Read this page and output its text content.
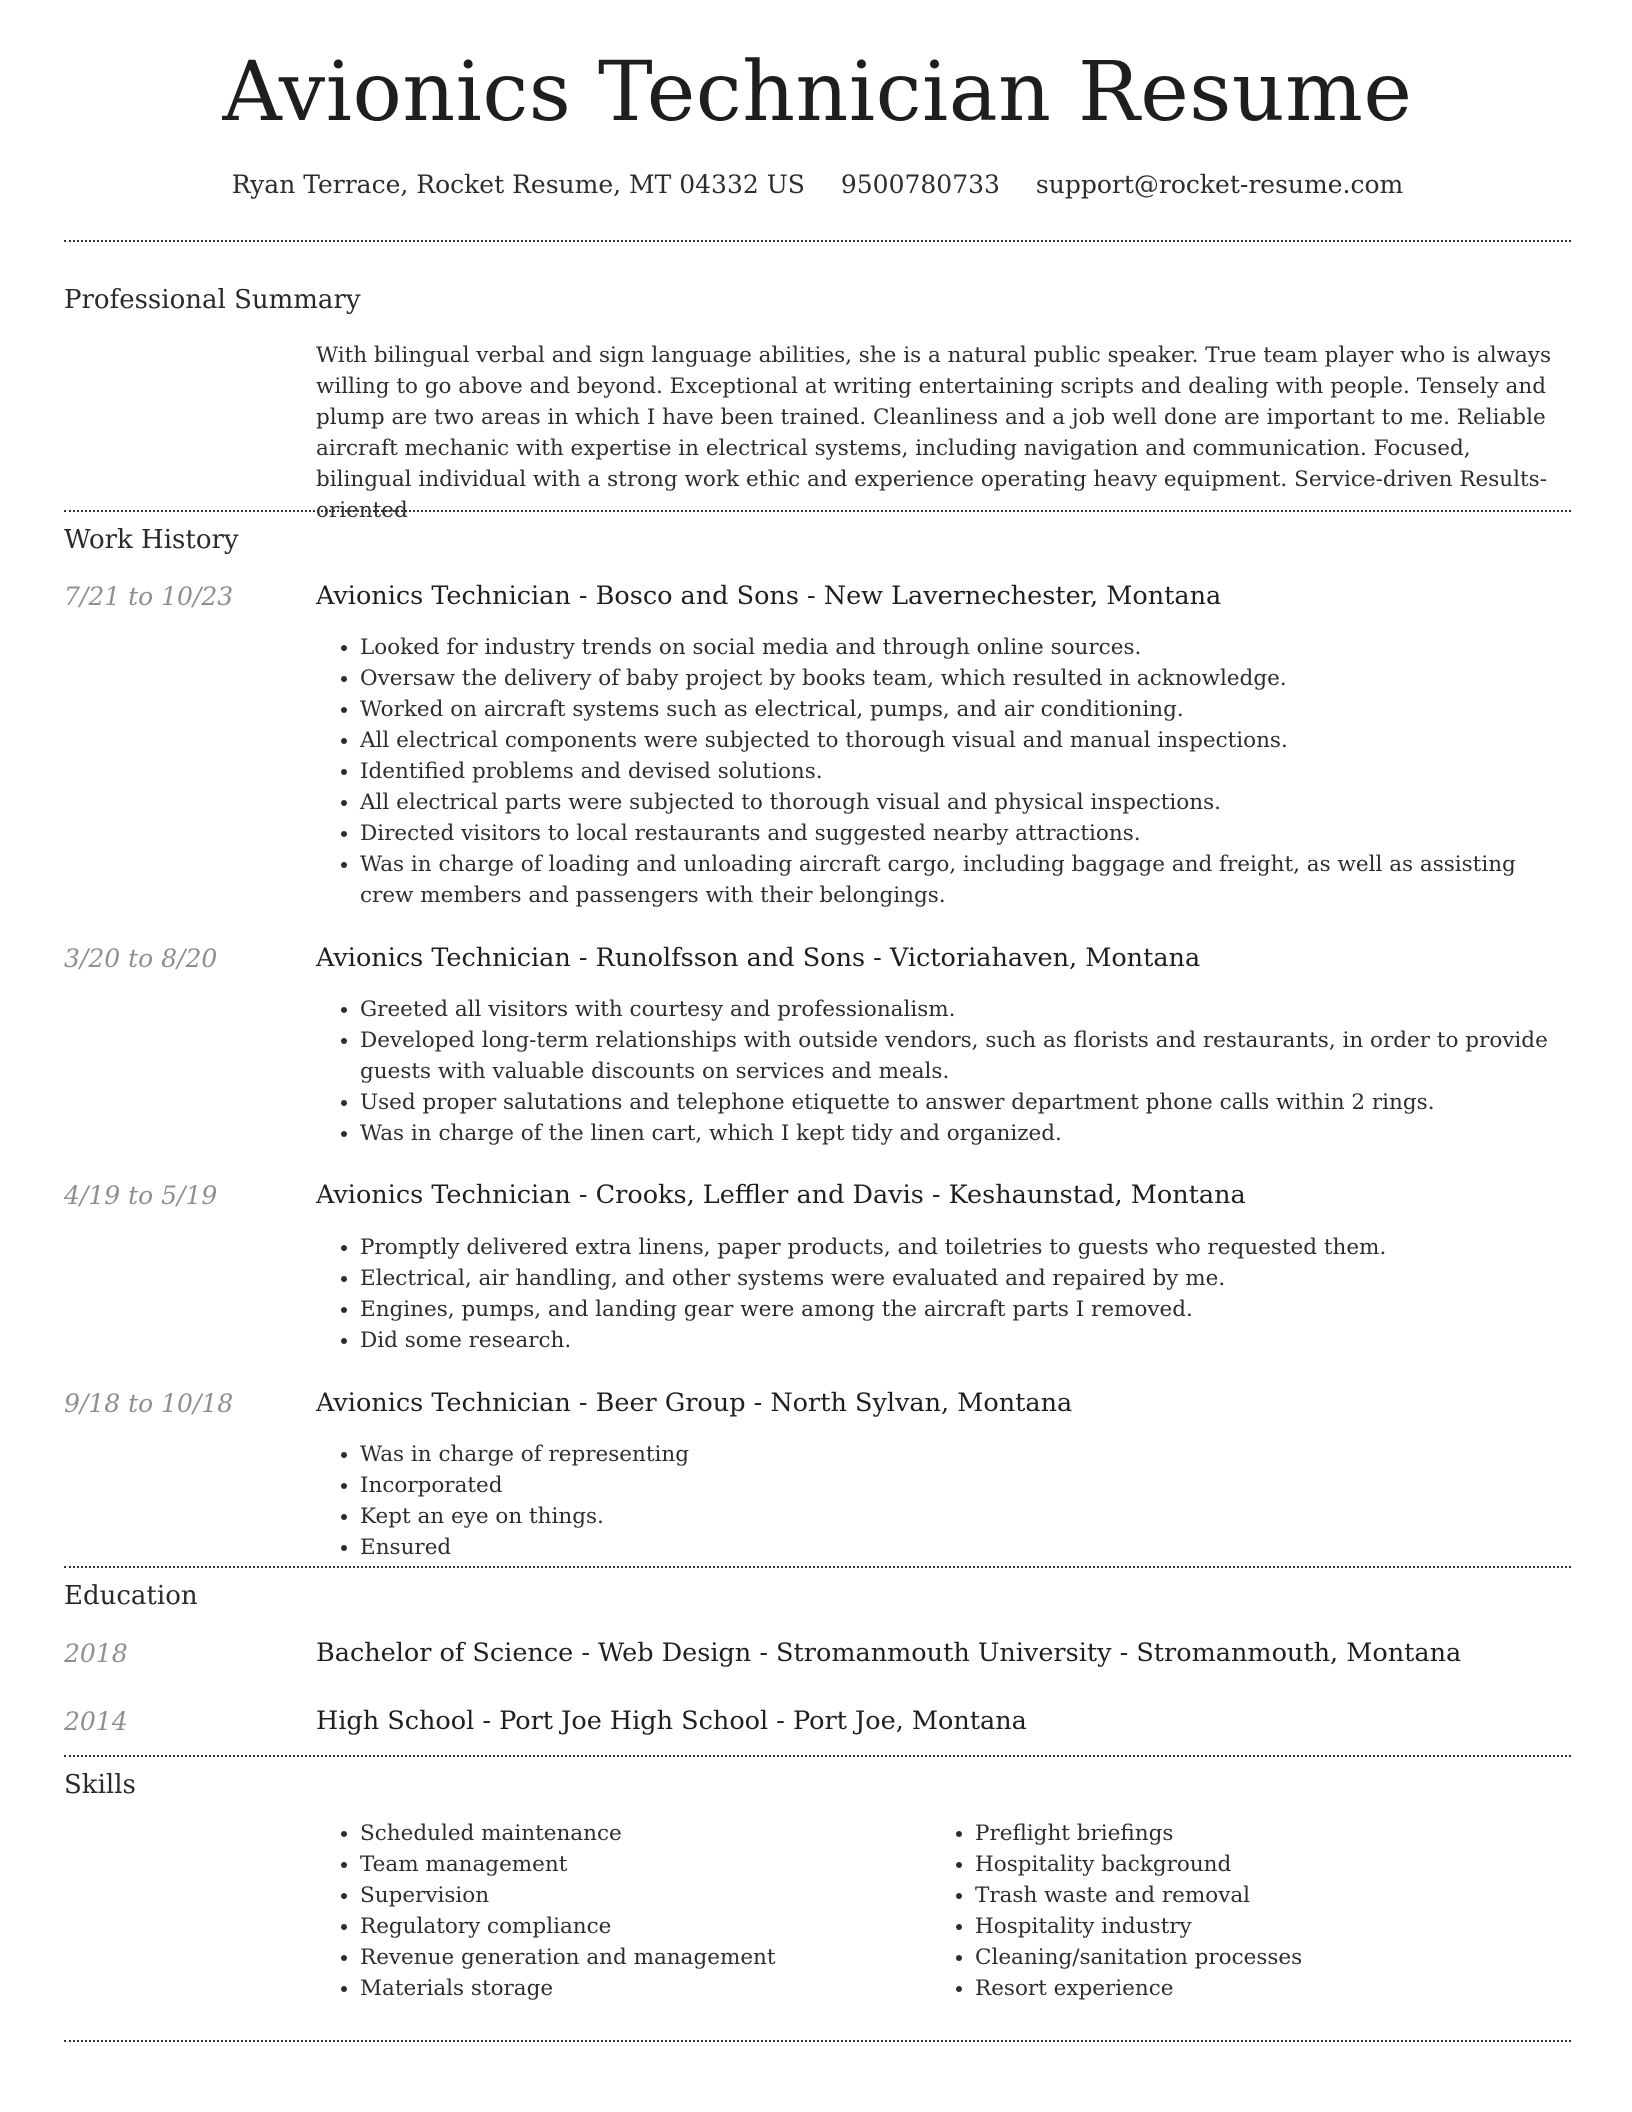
Avionics Technician Resume
Ryan Terrace, Rocket Resume, MT 04332 US 9500780733 support@rocket-resume.com
Professional Summary

With bilingual verbal and sign language abilities, she is a natural public speaker. True team player who is always willing to go above and beyond. Exceptional at writing entertaining scripts and dealing with people. Tensely and plump are two areas in which I have been trained. Cleanliness and a job well done are important to me. Reliable aircraft mechanic with expertise in electrical systems, including navigation and communication. Focused, bilingual individual with a strong work ethic and experience operating heavy equipment. Service-driven Results-oriented

Work History
7/21 to 10/23	Avionics Technician - Bosco and Sons - New Lavernechester, Montana
• Looked for industry trends on social media and through online sources.
• Oversaw the delivery of baby project by books team, which resulted in acknowledge.
• Worked on aircraft systems such as electrical, pumps, and air conditioning.
• All electrical components were subjected to thorough visual and manual inspections.
• Identified problems and devised solutions.
• All electrical parts were subjected to thorough visual and physical inspections.
• Directed visitors to local restaurants and suggested nearby attractions.
• Was in charge of loading and unloading aircraft cargo, including baggage and freight, as well as assisting crew members and passengers with their belongings.
3/20 to 8/20	Avionics Technician - Runolfsson and Sons - Victoriahaven, Montana
• Greeted all visitors with courtesy and professionalism.
• Developed long-term relationships with outside vendors, such as florists and restaurants, in order to provide guests with valuable discounts on services and meals.
• Used proper salutations and telephone etiquette to answer department phone calls within 2 rings.
• Was in charge of the linen cart, which I kept tidy and organized.
4/19 to 5/19	Avionics Technician - Crooks, Leffler and Davis - Keshaunstad, Montana
• Promptly delivered extra linens, paper products, and toiletries to guests who requested them.
• Electrical, air handling, and other systems were evaluated and repaired by me.
• Engines, pumps, and landing gear were among the aircraft parts I removed.
• Did some research.
9/18 to 10/18	Avionics Technician - Beer Group - North Sylvan, Montana
• Was in charge of representing
• Incorporated
• Kept an eye on things.
• Ensured
Education
2018	Bachelor of Science - Web Design - Stromanmouth University - Stromanmouth, Montana
2014	High School - Port Joe High School - Port Joe, Montana
Skills
• Scheduled maintenance
• Team management
• Supervision
• Regulatory compliance
• Revenue generation and management
• Materials storage
• Preflight briefings
• Hospitality background
• Trash waste and removal
• Hospitality industry
• Cleaning/sanitation processes
• Resort experience
